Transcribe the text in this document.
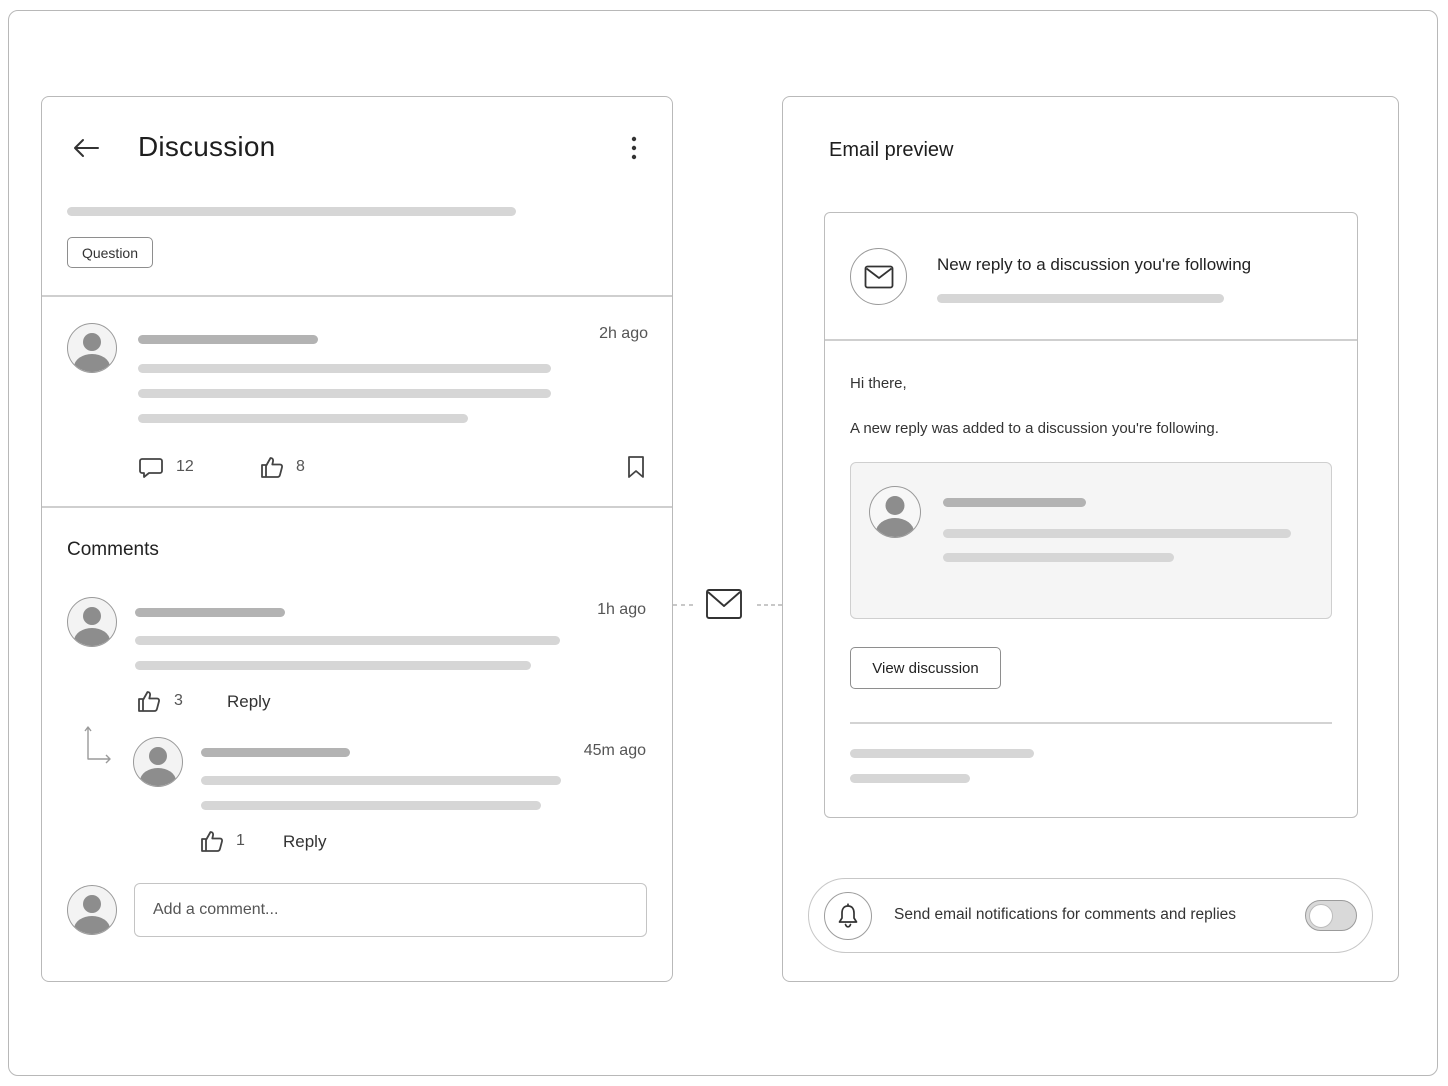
Discussion
Question
2h ago
12	8
Comments
1h ago
3	Reply
45m ago
1 Reply
Add a comment...
Email preview
New reply to a discussion you're following
Hi there,
A new reply was added to a discussion you're following.
View discussion
Send email notifications for comments and replies
